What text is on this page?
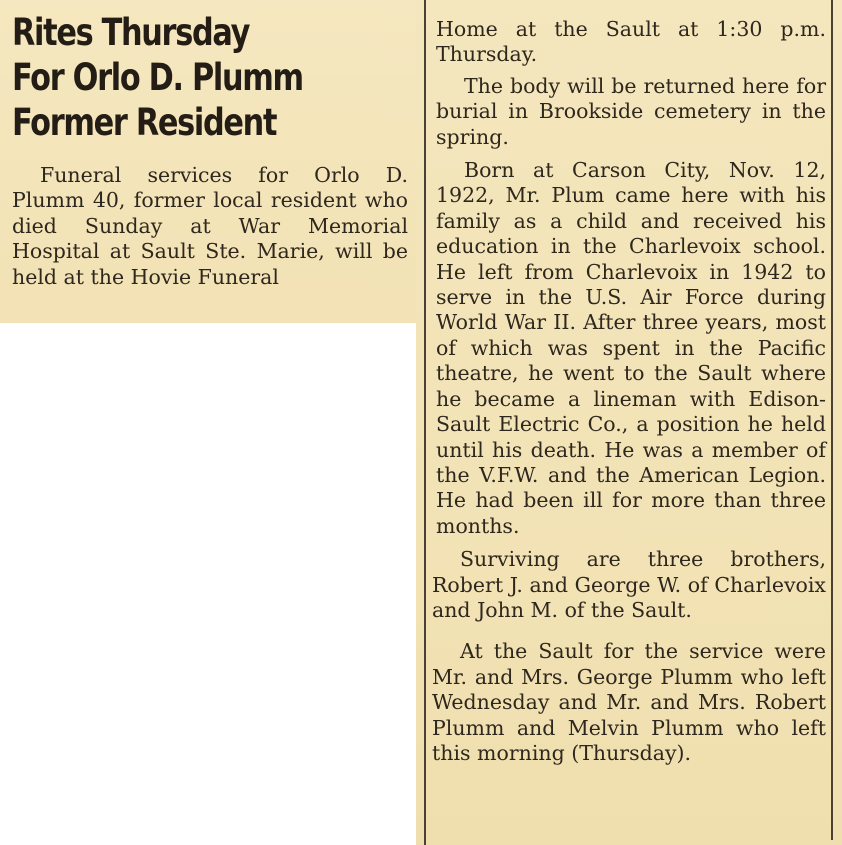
Rites Thursday
For Orlo D. Plumm
Former Resident

Funeral services for Orlo D. Plumm 40, former local resident who died Sunday at War Memorial Hospital at Sault Ste. Marie, will be held at the Hovie Funeral

Home at the Sault at 1:30 p.m. Thursday.

The body will be returned here for burial in Brookside cemetery in the spring.

Born at Carson City, Nov. 12, 1922, Mr. Plum came here with his family as a child and received his education in the Charlevoix school. He left from Charlevoix in 1942 to serve in the U.S. Air Force during World War II. After three years, most of which was spent in the Pacific theatre, he went to the Sault where he became a lineman with Edison-Sault Electric Co., a position he held until his death. He was a member of the V.F.W. and the American Legion. He had been ill for more than three months.

Surviving are three brothers, Robert J. and George W. of Charlevoix and John M. of the Sault.

At the Sault for the service were Mr. and Mrs. George Plumm who left Wednesday and Mr. and Mrs. Robert Plumm and Melvin Plumm who left this morning (Thursday).
